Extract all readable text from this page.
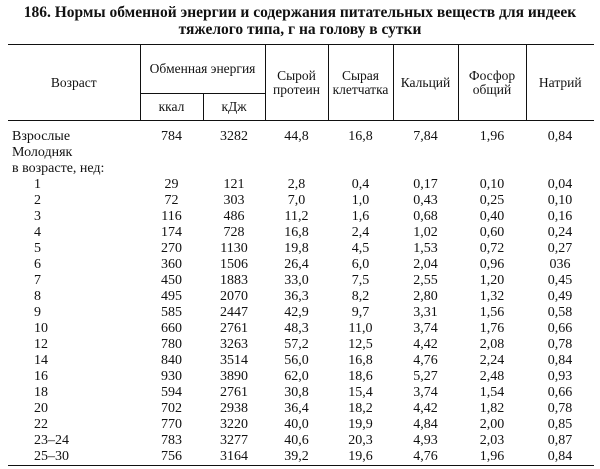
186. Нормы обменной энергии и содержания питательных веществ для индеек
тяжелого типа, г на голову в сутки
Возраст	Обменная энергия		Сырой протеин	Сырая клетчатка	Кальций	Фосфор общий	Натрий
	ккал	кДж					
Взрослые	784	3282	44,8	16,8	7,84	1,96	0,84
Молодняк							
в возрасте, нед:							
1	29	121	2,8	0,4	0,17	0,10	0,04
2	72	303	7,0	1,0	0,43	0,25	0,10
3	116	486	11,2	1,6	0,68	0,40	0,16
4	174	728	16,8	2,4	1,02	0,60	0,24
5	270	1130	19,8	4,5	1,53	0,72	0,27
6	360	1506	26,4	6,0	2,04	0,96	036
7	450	1883	33,0	7,5	2,55	1,20	0,45
8	495	2070	36,3	8,2	2,80	1,32	0,49
9	585	2447	42,9	9,7	3,31	1,56	0,58
10	660	2761	48,3	11,0	3,74	1,76	0,66
12	780	3263	57,2	12,5	4,42	2,08	0,78
14	840	3514	56,0	16,8	4,76	2,24	0,84
16	930	3890	62,0	18,6	5,27	2,48	0,93
18	594	2761	30,8	15,4	3,74	1,54	0,66
20	702	2938	36,4	18,2	4,42	1,82	0,78
22	770	3220	40,0	19,9	4,84	2,00	0,85
23–24	783	3277	40,6	20,3	4,93	2,03	0,87
25–30	756	3164	39,2	19,6	4,76	1,96	0,84
